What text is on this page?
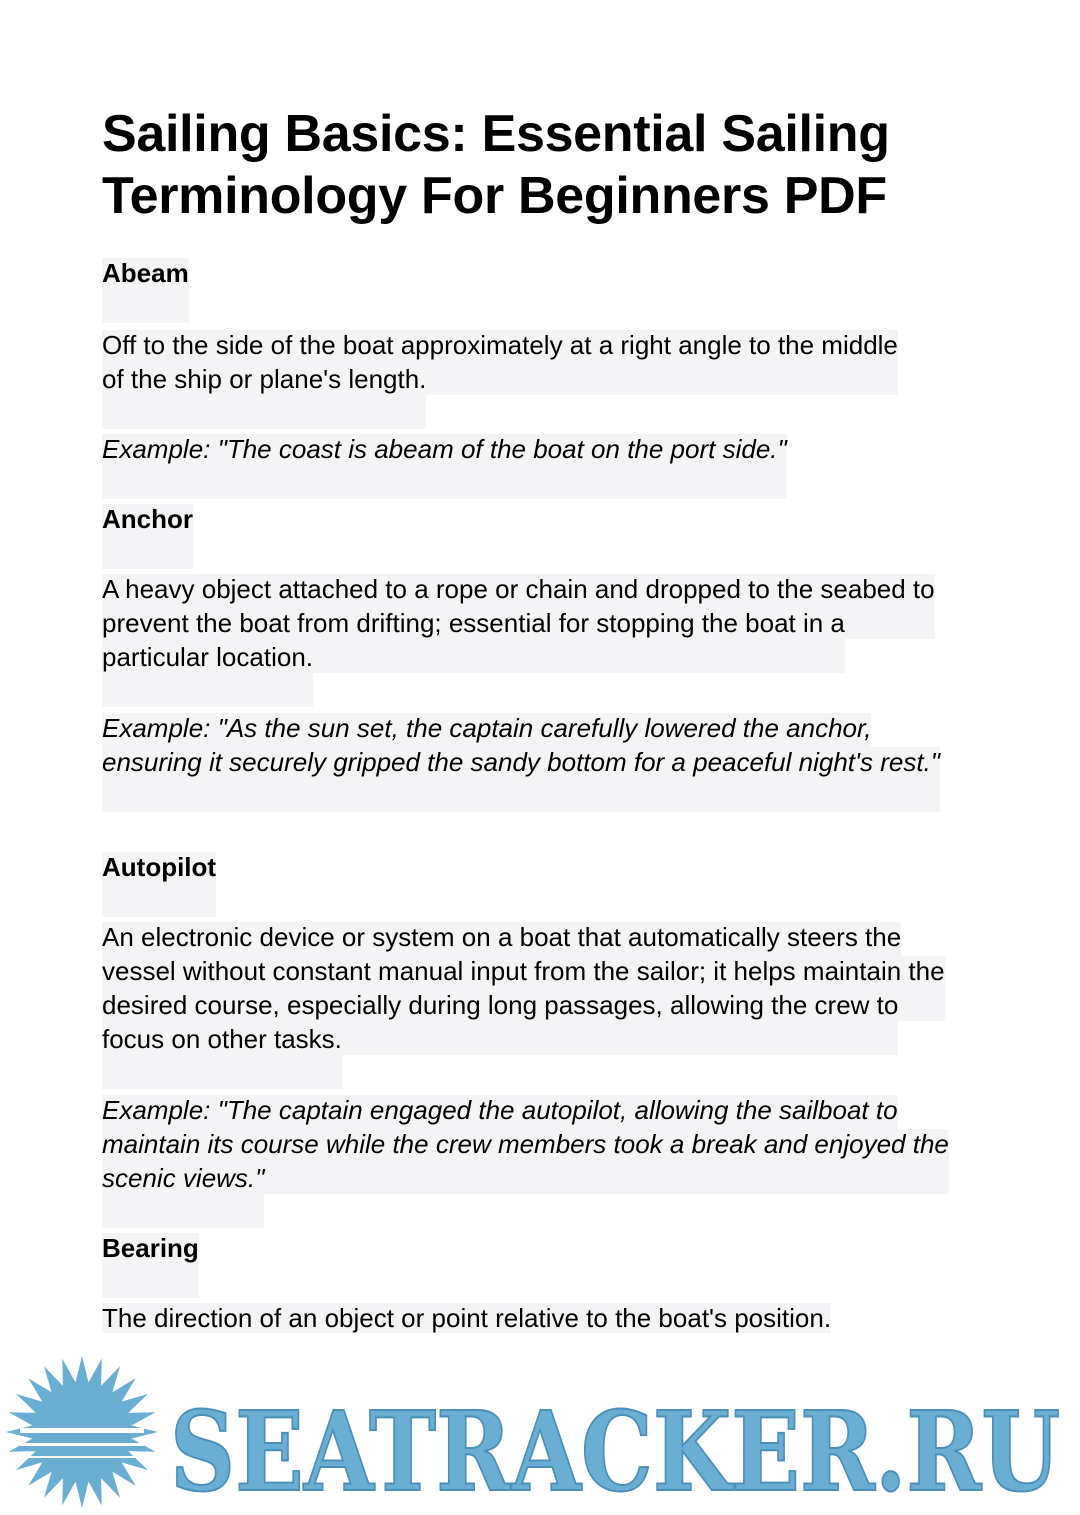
Sailing Basics: Essential Sailing Terminology For Beginners PDF
Abeam
Off to the side of the boat approximately at a right angle to the middle of the ship or plane's length.
Example: "The coast is abeam of the boat on the port side."
Anchor
A heavy object attached to a rope or chain and dropped to the seabed to prevent the boat from drifting; essential for stopping the boat in a particular location.
Example: "As the sun set, the captain carefully lowered the anchor, ensuring it securely gripped the sandy bottom for a peaceful night's rest."
Autopilot
An electronic device or system on a boat that automatically steers the vessel without constant manual input from the sailor; it helps maintain the desired course, especially during long passages, allowing the crew to focus on other tasks.
Example: "The captain engaged the autopilot, allowing the sailboat to maintain its course while the crew members took a break and enjoyed the scenic views."
Bearing
The direction of an object or point relative to the boat's position.
SEATRACKER.RU
